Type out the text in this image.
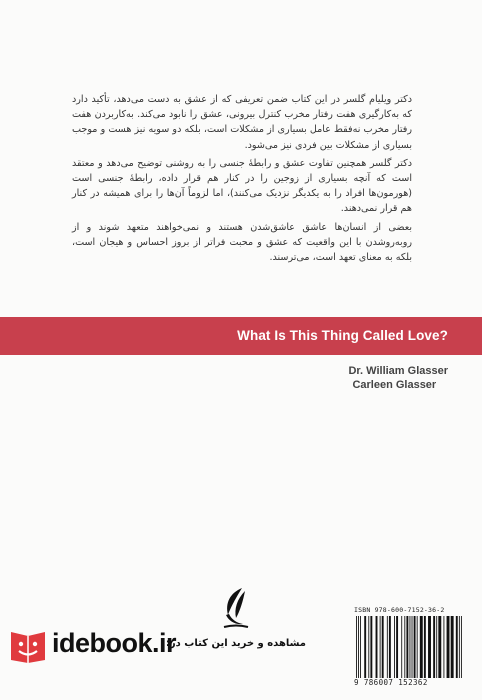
دکتر ویلیام گلسر در این کتاب ضمن تعریفی که از عشق به دست می‌دهد، تأکید دارد که به‌کارگیری هفت رفتار مخرب کنترل بیرونی، عشق را نابود می‌کند. به‌کاربردن هفت رفتار مخرب نه‌فقط عامل بسیاری از مشکلات است، بلکه دو سویه نیز هست و موجب بسیاری از مشکلات بین فردی نیز می‌شود.

دکتر گلسر همچنین تفاوت عشق و رابطهٔ جنسی را به روشنی توضیح می‌دهد و معتقد است که آنچه بسیاری از زوجین را در کنار هم قرار داده، رابطهٔ جنسی است (هورمون‌ها افراد را به یکدیگر نزدیک می‌کنند)، اما لزوماً آن‌ها را برای همیشه در کنار هم قرار نمی‌دهند.

بعضی از انسان‌ها عاشق عاشق‌شدن هستند و نمی‌خواهند متعهد شوند و از روبه‌روشدن با این واقعیت که عشق و محبت فراتر از بروز احساس و هیجان است، بلکه به معنای تعهد است، می‌ترسند.

What Is This Thing Called Love?
Dr. William Glasser
Carleen Glasser
ISBN 978-600-7152-36-2
9 786007 152362
idebook.ir
مشاهده و خرید این کتاب در:
